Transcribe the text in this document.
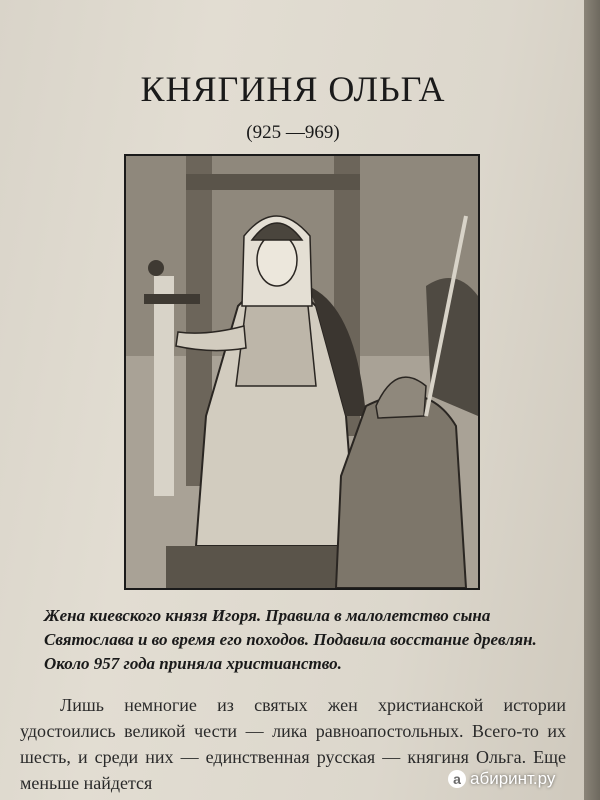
КНЯГИНЯ ОЛЬГА
(925 —969)

Жена киевского князя Игоря. Правила в малолетство сына Святослава и во время его походов. Подавила восстание древлян. Около 957 года приняла христианство.

Лишь немногие из святых жен христианской истории удостоились великой чести — лика равноапостольных. Всего-то их шесть, и среди них — единственная русская — княгиня Ольга. Еще меньше найдется	а абиринт.ру
